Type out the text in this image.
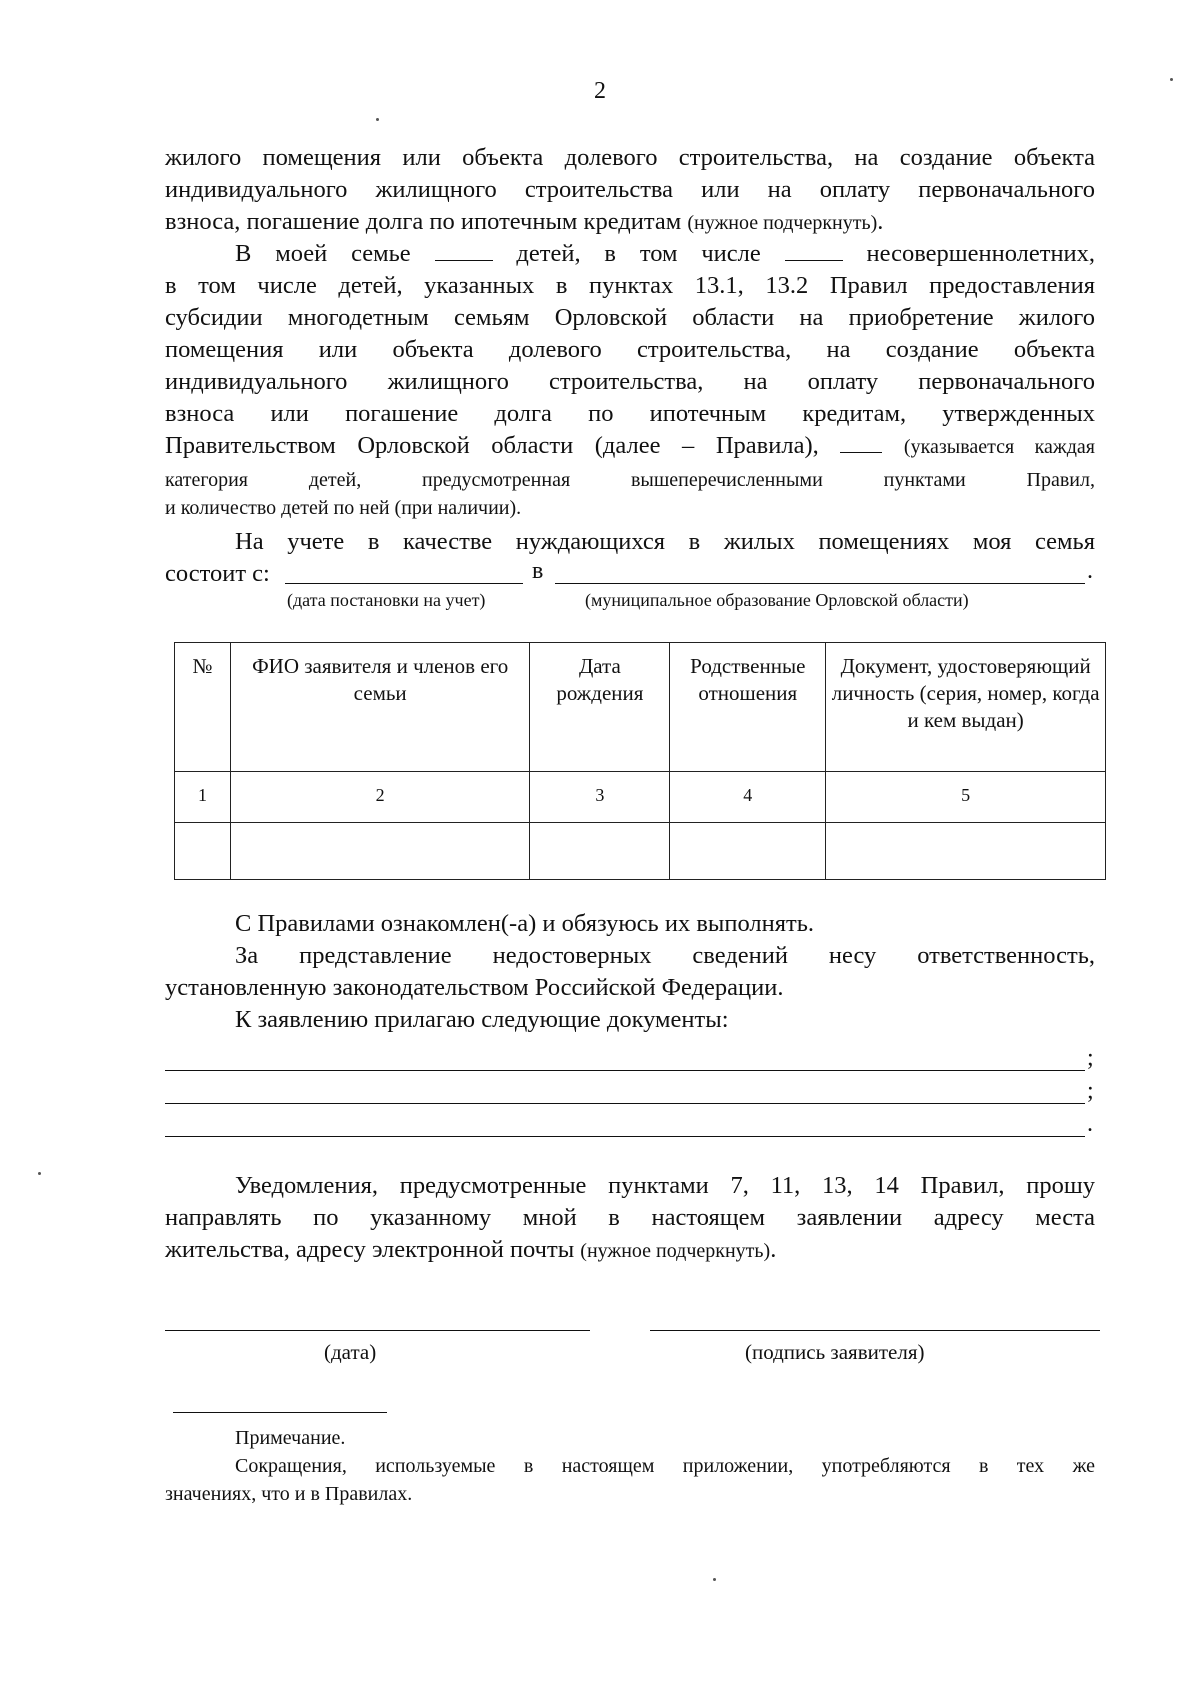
2
жилого помещения или объекта долевого строительства, на создание объекта
индивидуального жилищного строительства или на оплату первоначального
взноса, погашение долга по ипотечным кредитам (нужное подчеркнуть).
В моей семье	детей, в том числе	несовершеннолетних,
в том числе детей, указанных в пунктах 13.1, 13.2 Правил предоставления
субсидии многодетным семьям Орловской области на приобретение жилого
помещения или объекта долевого строительства, на создание объекта
индивидуального жилищного строительства, на оплату первоначального
взноса или погашение долга по ипотечным кредитам, утвержденных
Правительством Орловской области (далее – Правила),	(указывается каждая
категория детей, предусмотренная вышеперечисленными пунктами Правил,
и количество детей по ней (при наличии).
На учете в качестве нуждающихся в жилых помещениях моя семья
состоит с:	в	.
(дата постановки на учет)	(муниципальное образование Орловской области)
№	ФИО заявителя и членов его семьи	Дата рождения	Родственные отношения	Документ, удостоверяющий личность (серия, номер, когда и кем выдан)
1	2	3	4	5

С Правилами ознакомлен(-а) и обязуюсь их выполнять.
За представление недостоверных сведений несу ответственность,
установленную законодательством Российской Федерации.
К заявлению прилагаю следующие документы:
;
;
.
Уведомления, предусмотренные пунктами 7, 11, 13, 14 Правил, прошу
направлять по указанному мной в настоящем заявлении адресу места
жительства, адресу электронной почты (нужное подчеркнуть).
(дата)	(подпись заявителя)
Примечание.
Сокращения, используемые в настоящем приложении, употребляются в тех же
значениях, что и в Правилах.
